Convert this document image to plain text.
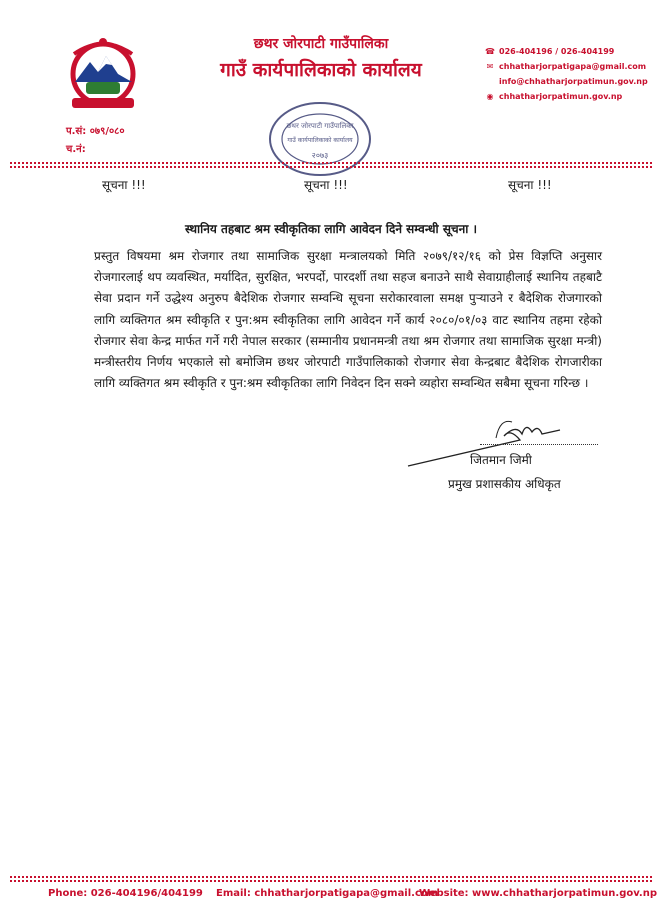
छथर जोरपाटी गाउँपालिका
गाउँ कार्यपालिकाको कार्यालय
☎ 026-404196 / 026-404199
✉ chhatharjorpatigapa@gmail.com
info@chhatharjorpatimun.gov.np
◉ chhatharjorpatimun.gov.np
प.सं: ०७९/०८०
च.नं:
छथर जोरपाटी गाउँपालिका
गाउँ कार्यपालिकाको कार्यालय
२०७३
सूचना !!!	सूचना !!!	सूचना !!!
स्थानिय तहबाट श्रम स्वीकृतिका लागि आवेदन दिने सम्वन्धी सूचना ।
प्रस्तुत विषयमा श्रम रोजगार तथा सामाजिक सुरक्षा मन्त्रालयको मिति २०७९/१२/१६ को प्रेस विज्ञप्ति अनुसार रोजगारलाई थप व्यवस्थित, मर्यादित, सुरक्षित, भरपर्दो, पारदर्शी तथा सहज बनाउने साथै सेवाग्राहीलाई स्थानिय तहबाटै सेवा प्रदान गर्ने उद्धेश्य अनुरुप बैदेशिक रोजगार सम्वन्धि सूचना सरोकारवाला समक्ष पुऱ्याउने र बैदेशिक रोजगारको लागि व्यक्तिगत श्रम स्वीकृति र पुन:श्रम स्वीकृतिका लागि आवेदन गर्ने कार्य २०८०/०१/०३ वाट स्थानिय तहमा रहेको रोजगार सेवा केन्द्र मार्फत गर्ने गरी नेपाल सरकार (सम्मानीय प्रधानमन्त्री तथा श्रम रोजगार तथा सामाजिक सुरक्षा मन्त्री) मन्त्रीस्तरीय निर्णय भएकाले सो बमोजिम छथर जोरपाटी गाउँपालिकाको रोजगार सेवा केन्द्रबाट बैदेशिक रोगजारीका लागि व्यक्तिगत श्रम स्वीकृति र पुन:श्रम स्वीकृतिका लागि निवेदन दिन सक्ने व्यहोरा सम्वन्धित सबैमा सूचना गरिन्छ ।
जितमान जिमी
प्रमुख प्रशासकीय अधिकृत
Phone: 026-404196/404199 Email: chhatharjorpatigapa@gmail.com
Website: www.chhatharjorpatimun.gov.np
